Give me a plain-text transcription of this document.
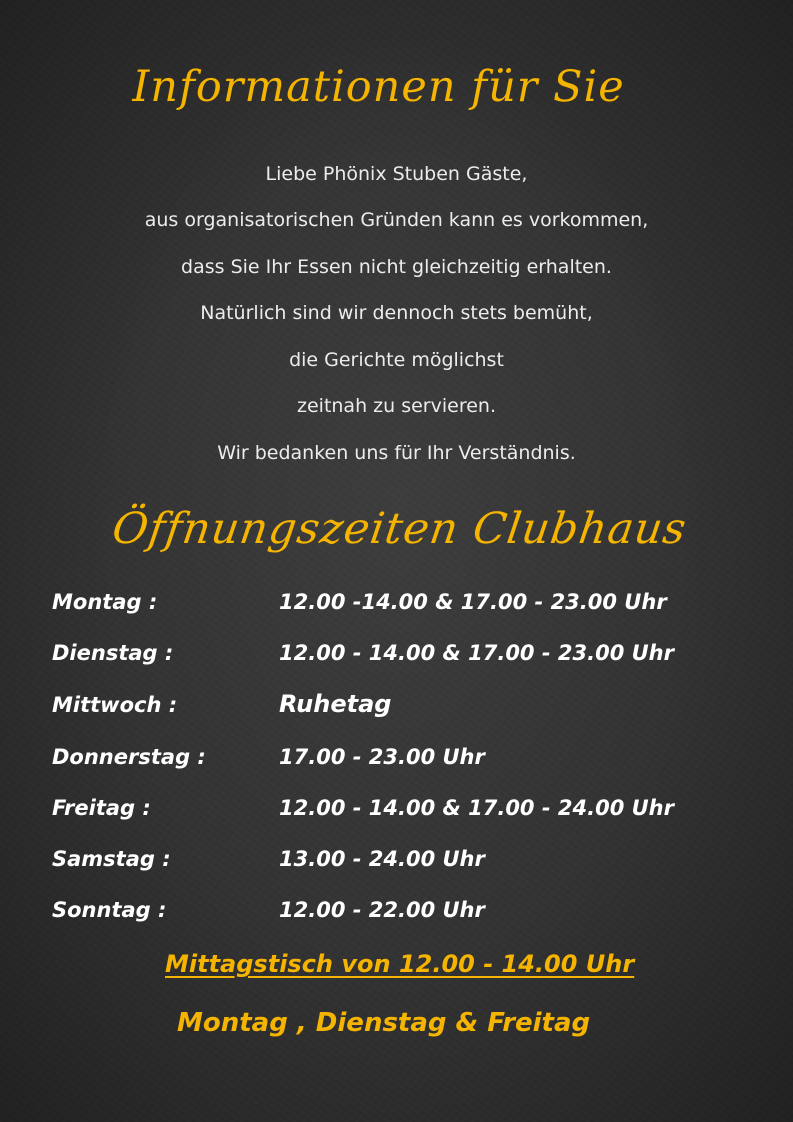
Informationen für Sie
Liebe Phönix Stuben Gäste,
aus organisatorischen Gründen kann es vorkommen,
dass Sie Ihr Essen nicht gleichzeitig erhalten.
Natürlich sind wir dennoch stets bemüht,
die Gerichte möglichst
zeitnah zu servieren.
Wir bedanken uns für Ihr Verständnis.
Öffnungszeiten Clubhaus
Montag :	12.00 -14.00 & 17.00 - 23.00 Uhr
Dienstag :	12.00 - 14.00 & 17.00 - 23.00 Uhr
Mittwoch :	Ruhetag
Donnerstag :	17.00 - 23.00 Uhr
Freitag :	12.00 - 14.00 & 17.00 - 24.00 Uhr
Samstag :	13.00 - 24.00 Uhr
Sonntag :	12.00 - 22.00 Uhr
Mittagstisch von 12.00 - 14.00 Uhr
Montag , Dienstag & Freitag
